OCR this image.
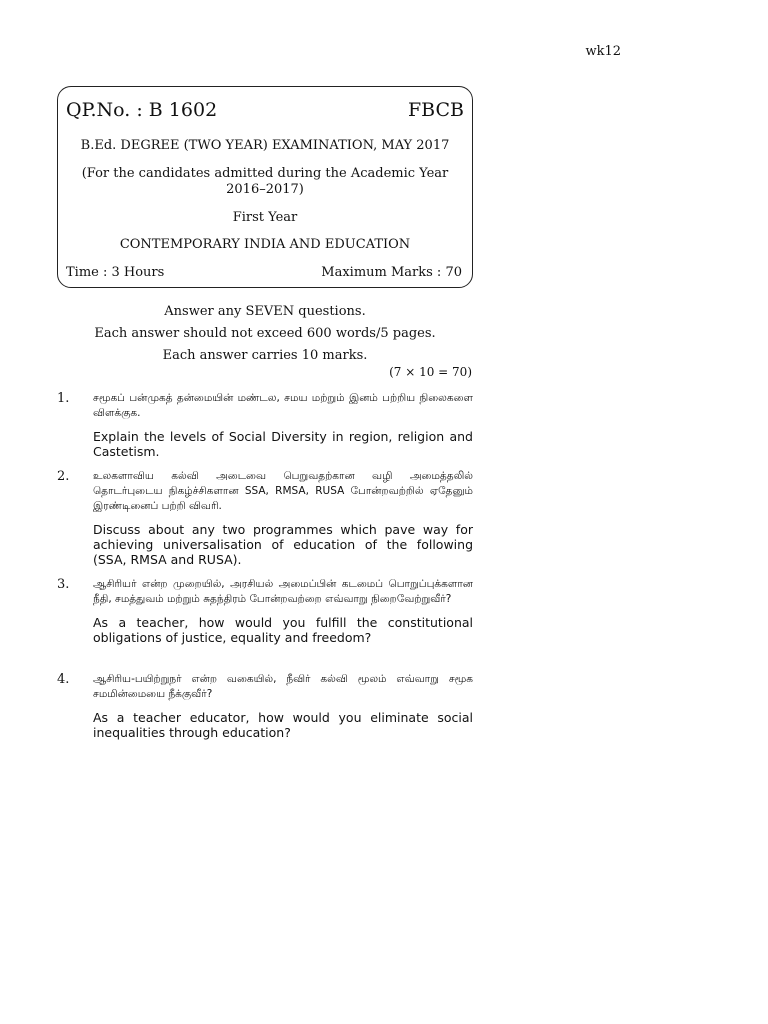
wk12
QP.No. : B 1602	FBCB
B.Ed. DEGREE (TWO YEAR) EXAMINATION, MAY 2017
(For the candidates admitted during the Academic Year
2016–2017)
First Year
CONTEMPORARY INDIA AND EDUCATION
Time : 3 Hours	Maximum Marks : 70
Answer any SEVEN questions.
Each answer should not exceed 600 words/5 pages.
Each answer carries 10 marks.
(7 × 10 = 70)
1. சமூகப் பன்முகத் தன்மையின் மண்டல, சமய மற்றும் இனம் பற்றிய நிலைகளை விளக்குக.
Explain the levels of Social Diversity in region, religion and Castetism.
2. உலகளாவிய கல்வி அடைவை பெறுவதற்கான வழி அமைத்தலில் தொடர்புடைய நிகழ்ச்சிகளான SSA, RMSA, RUSA போன்றவற்றில் ஏதேனும் இரண்டினைப் பற்றி விவரி.
Discuss about any two programmes which pave way for achieving universalisation of education of the following (SSA, RMSA and RUSA).
3. ஆசிரியர் என்ற முறையில், அரசியல் அமைப்பின் கடமைப் பொறுப்புக்களான நீதி, சமத்துவம் மற்றும் சுதந்திரம் போன்றவற்றை எவ்வாறு நிறைவேற்றுவீர்?
As a teacher, how would you fulfill the constitutional obligations of justice, equality and freedom?
4. ஆசிரிய-பயிற்றுநர் என்ற வகையில், நீவிர் கல்வி மூலம் எவ்வாறு சமூக சமமின்மையை நீக்குவீர்?
As a teacher educator, how would you eliminate social inequalities through education?
